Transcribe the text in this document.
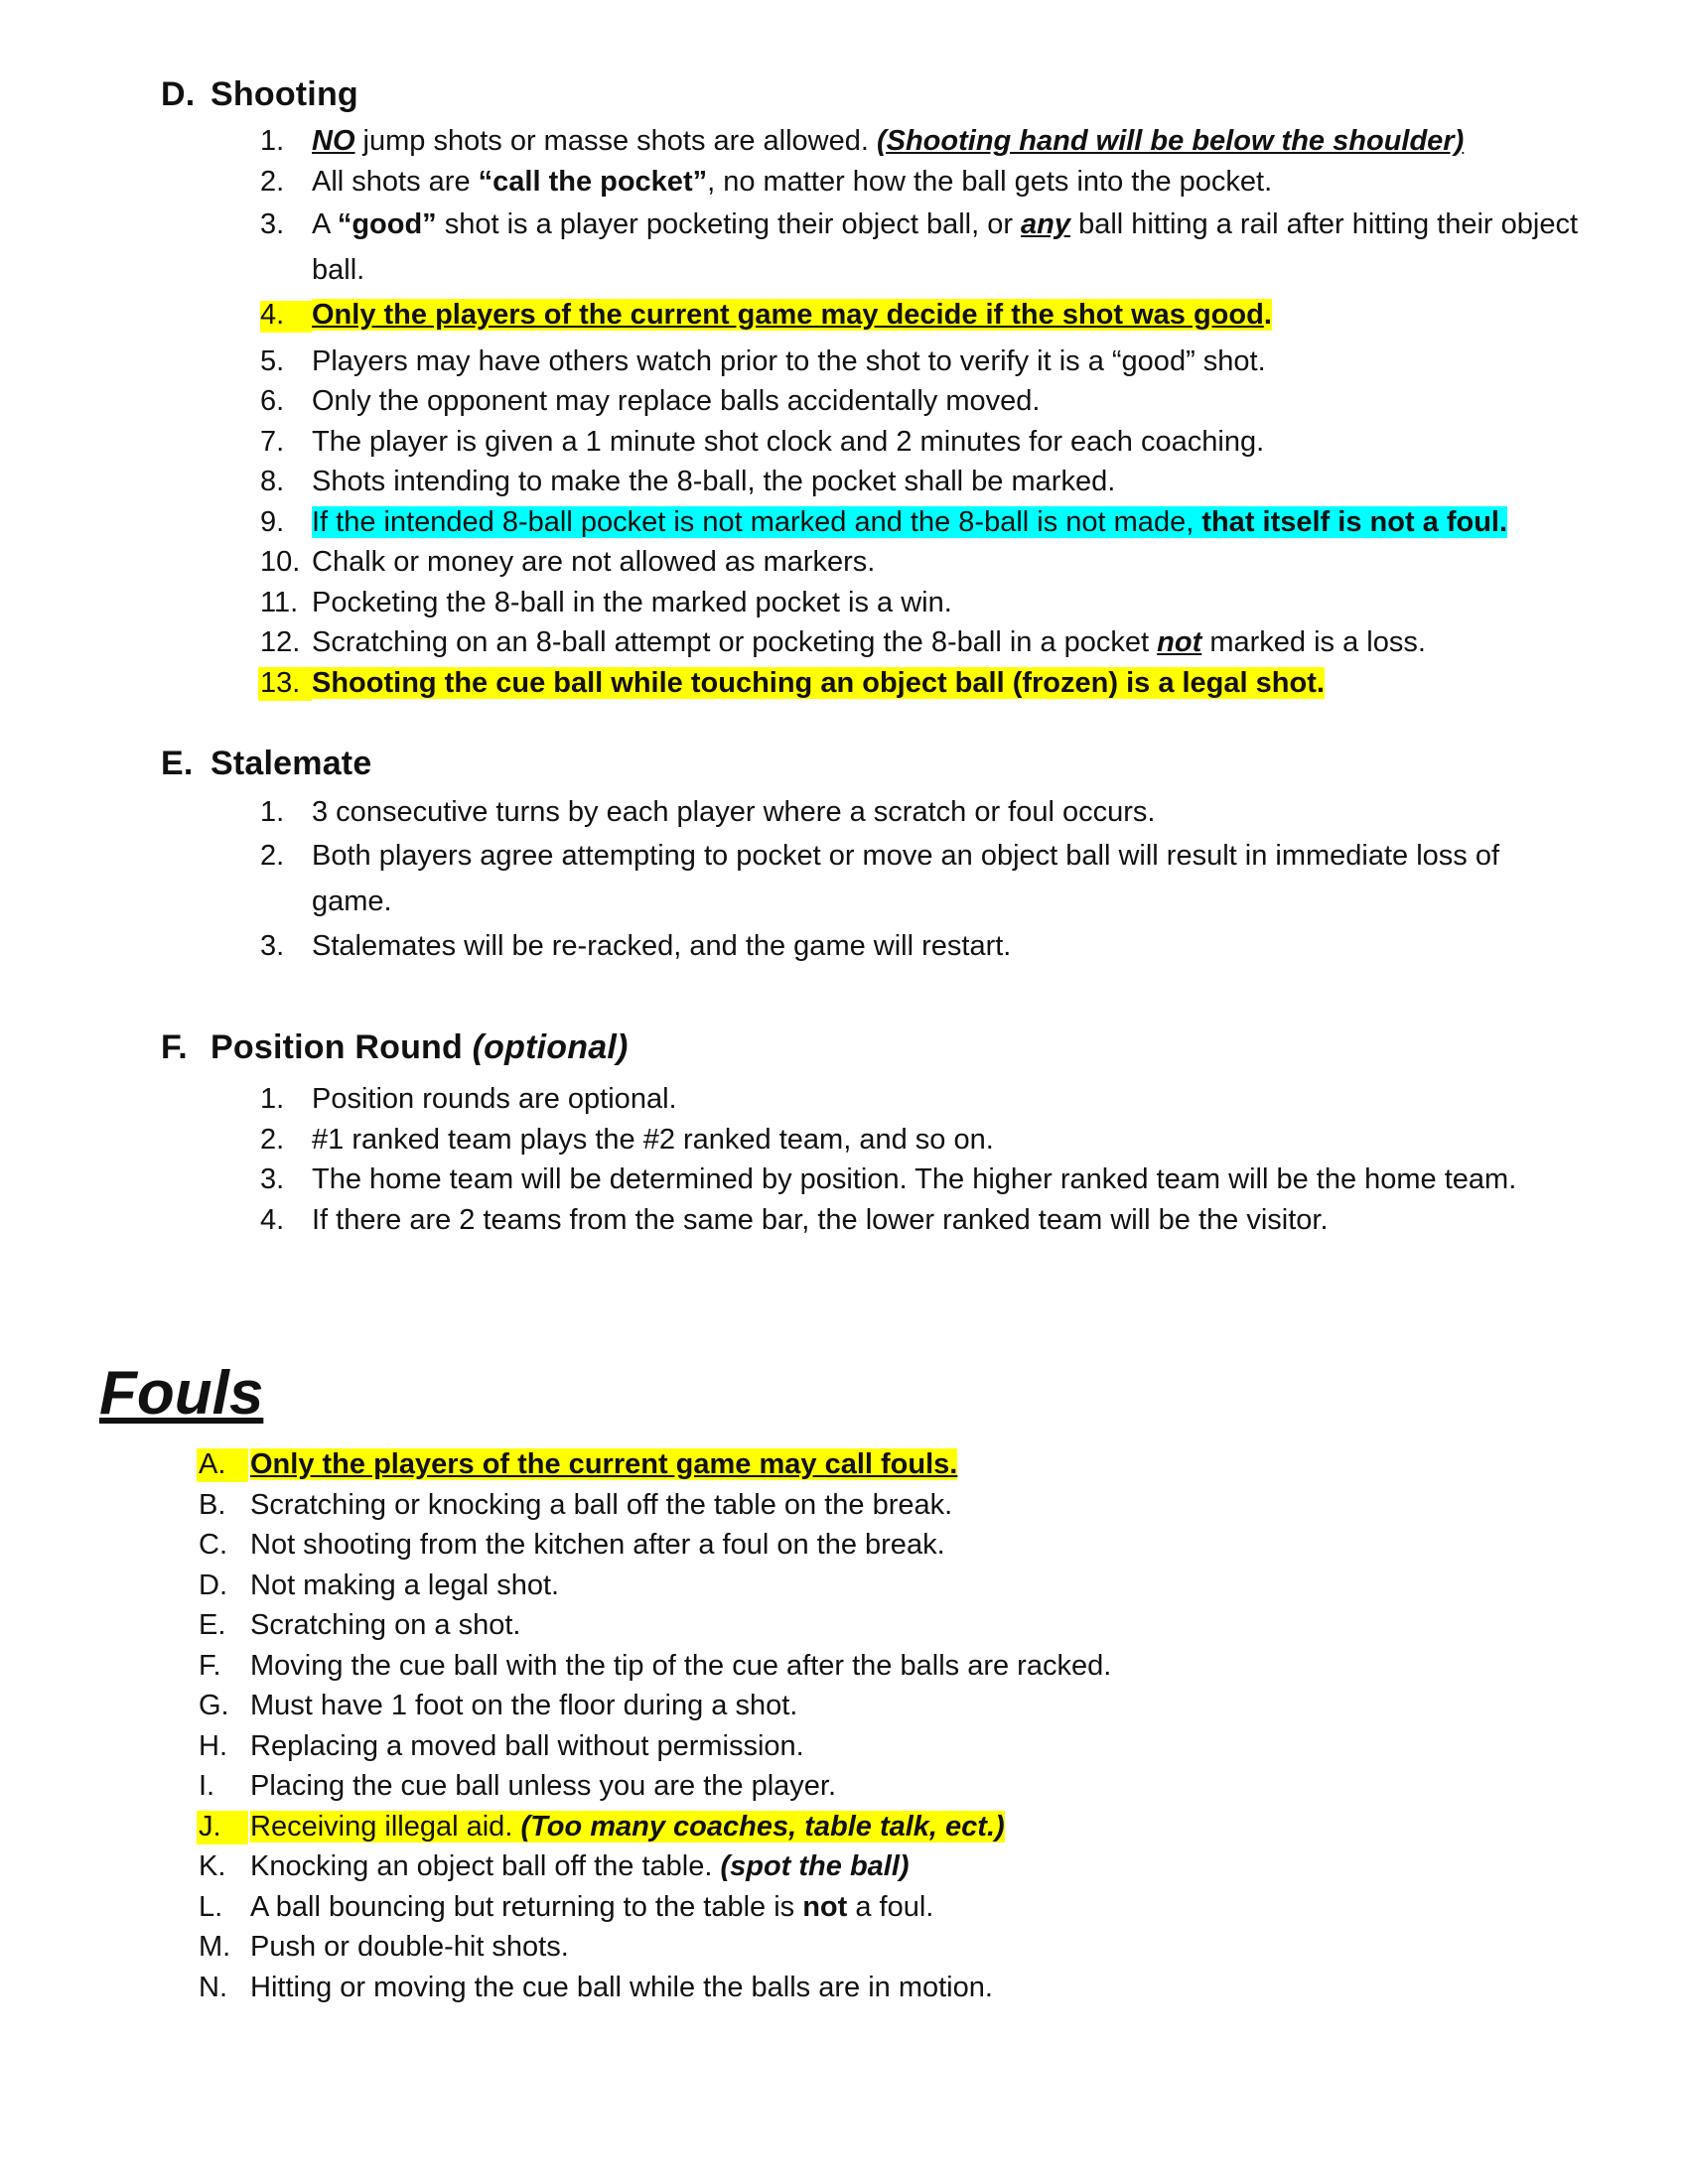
D. Shooting
1. NO jump shots or masse shots are allowed. (Shooting hand will be below the shoulder)
2. All shots are “call the pocket”, no matter how the ball gets into the pocket.
3. A “good” shot is a player pocketing their object ball, or any ball hitting a rail after hitting their object ball.
4. Only the players of the current game may decide if the shot was good.
5. Players may have others watch prior to the shot to verify it is a “good” shot.
6. Only the opponent may replace balls accidentally moved.
7. The player is given a 1 minute shot clock and 2 minutes for each coaching.
8. Shots intending to make the 8-ball, the pocket shall be marked.
9. If the intended 8-ball pocket is not marked and the 8-ball is not made, that itself is not a foul.
10. Chalk or money are not allowed as markers.
11. Pocketing the 8-ball in the marked pocket is a win.
12. Scratching on an 8-ball attempt or pocketing the 8-ball in a pocket not marked is a loss.
13. Shooting the cue ball while touching an object ball (frozen) is a legal shot.
E. Stalemate
1. 3 consecutive turns by each player where a scratch or foul occurs.
2. Both players agree attempting to pocket or move an object ball will result in immediate loss of game.
3. Stalemates will be re-racked, and the game will restart.
F. Position Round (optional)
1. Position rounds are optional.
2. #1 ranked team plays the #2 ranked team, and so on.
3. The home team will be determined by position. The higher ranked team will be the home team.
4. If there are 2 teams from the same bar, the lower ranked team will be the visitor.
Fouls
A. Only the players of the current game may call fouls.
B. Scratching or knocking a ball off the table on the break.
C. Not shooting from the kitchen after a foul on the break.
D. Not making a legal shot.
E. Scratching on a shot.
F. Moving the cue ball with the tip of the cue after the balls are racked.
G. Must have 1 foot on the floor during a shot.
H. Replacing a moved ball without permission.
I. Placing the cue ball unless you are the player.
J. Receiving illegal aid. (Too many coaches, table talk, ect.)
K. Knocking an object ball off the table. (spot the ball)
L. A ball bouncing but returning to the table is not a foul.
M. Push or double-hit shots.
N. Hitting or moving the cue ball while the balls are in motion.
